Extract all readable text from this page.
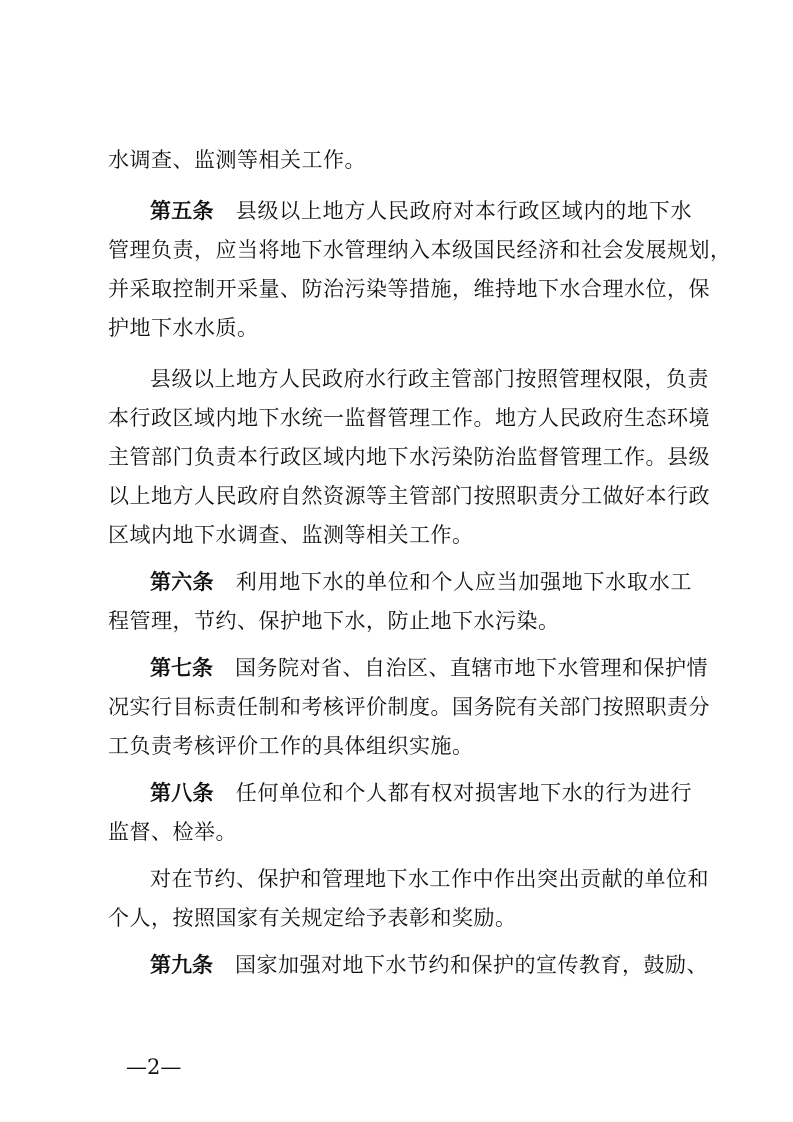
水调查、监测等相关工作。
第五条 县级以上地方人民政府对本行政区域内的地下水
管理负责，应当将地下水管理纳入本级国民经济和社会发展规划，
并采取控制开采量、防治污染等措施，维持地下水合理水位，保
护地下水水质。
县级以上地方人民政府水行政主管部门按照管理权限，负责
本行政区域内地下水统一监督管理工作。地方人民政府生态环境
主管部门负责本行政区域内地下水污染防治监督管理工作。县级
以上地方人民政府自然资源等主管部门按照职责分工做好本行政
区域内地下水调查、监测等相关工作。
第六条 利用地下水的单位和个人应当加强地下水取水工
程管理，节约、保护地下水，防止地下水污染。
第七条 国务院对省、自治区、直辖市地下水管理和保护情
况实行目标责任制和考核评价制度。国务院有关部门按照职责分
工负责考核评价工作的具体组织实施。
第八条 任何单位和个人都有权对损害地下水的行为进行
监督、检举。
对在节约、保护和管理地下水工作中作出突出贡献的单位和
个人，按照国家有关规定给予表彰和奖励。
第九条 国家加强对地下水节约和保护的宣传教育，鼓励、
—2—
